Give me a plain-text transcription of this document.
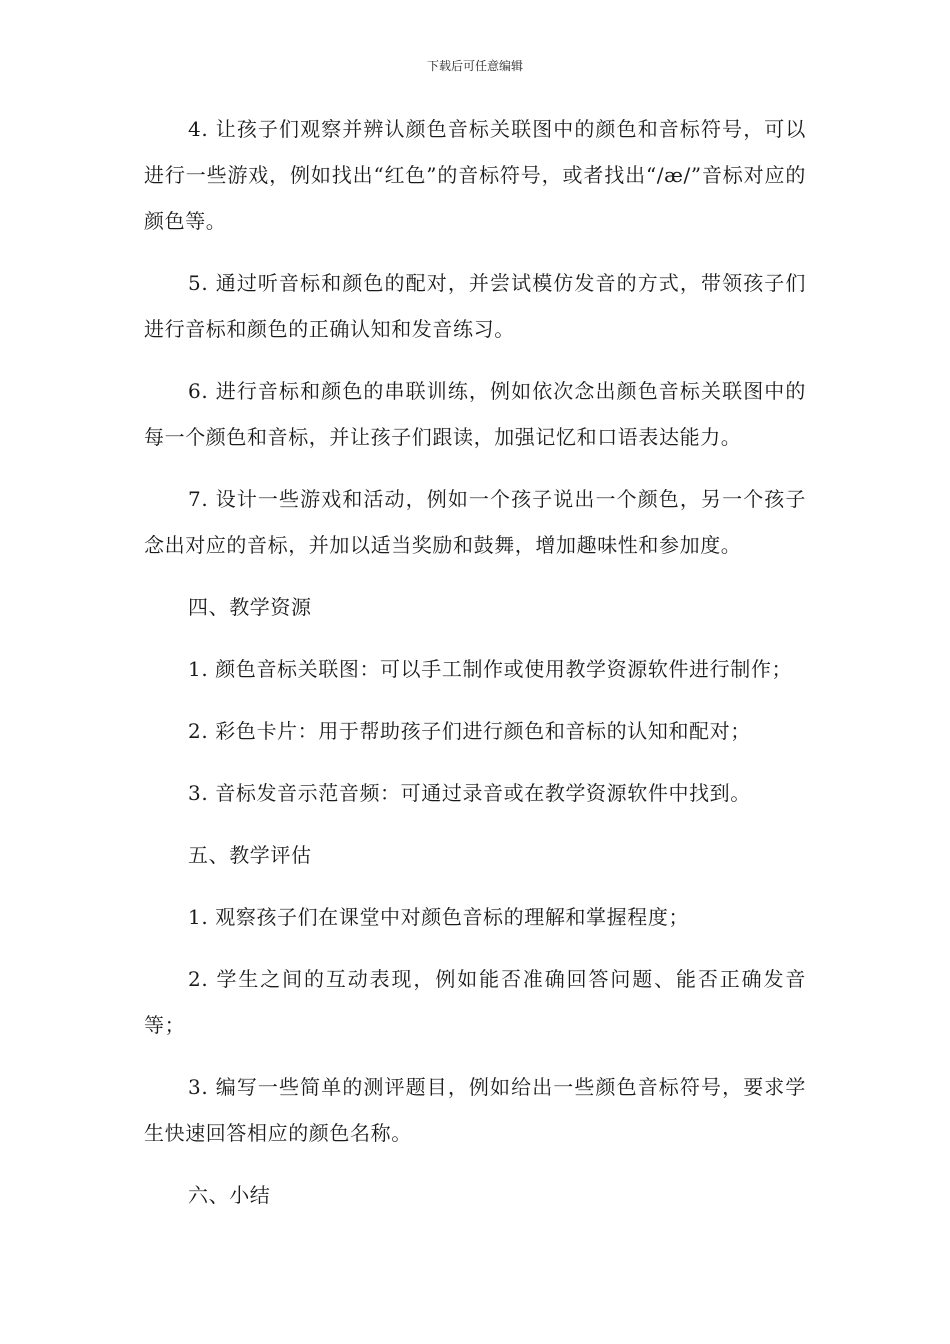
下载后可任意编辑

4. 让孩子们观察并辨认颜色音标关联图中的颜色和音标符号，可以进行一些游戏，例如找出“红色”的音标符号，或者找出“/æ/”音标对应的颜色等。

5. 通过听音标和颜色的配对，并尝试模仿发音的方式，带领孩子们进行音标和颜色的正确认知和发音练习。

6. 进行音标和颜色的串联训练，例如依次念出颜色音标关联图中的每一个颜色和音标，并让孩子们跟读，加强记忆和口语表达能力。

7. 设计一些游戏和活动，例如一个孩子说出一个颜色，另一个孩子念出对应的音标，并加以适当奖励和鼓舞，增加趣味性和参加度。

四、教学资源

1. 颜色音标关联图：可以手工制作或使用教学资源软件进行制作；

2. 彩色卡片：用于帮助孩子们进行颜色和音标的认知和配对；

3. 音标发音示范音频：可通过录音或在教学资源软件中找到。

五、教学评估

1. 观察孩子们在课堂中对颜色音标的理解和掌握程度；

2. 学生之间的互动表现，例如能否准确回答问题、能否正确发音等；

3. 编写一些简单的测评题目，例如给出一些颜色音标符号，要求学生快速回答相应的颜色名称。

六、小结
